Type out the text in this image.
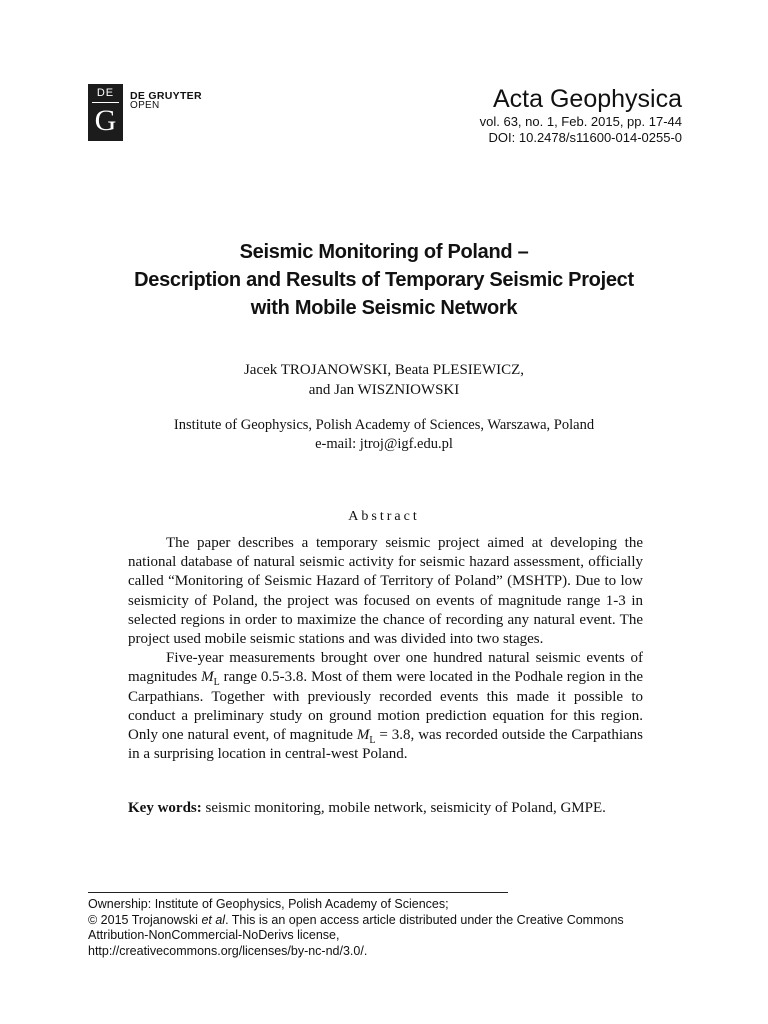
DE
G
DE GRUYTER
OPEN	Acta Geophysica
vol. 63, no. 1, Feb. 2015, pp. 17-44
DOI: 10.2478/s11600-014-0255-0
Seismic Monitoring of Poland –
Description and Results of Temporary Seismic Project
with Mobile Seismic Network
Jacek TROJANOWSKI, Beata PLESIEWICZ,
and Jan WISZNIOWSKI
Institute of Geophysics, Polish Academy of Sciences, Warszawa, Poland
e-mail: jtroj@igf.edu.pl
Abstract

The paper describes a temporary seismic project aimed at developing the national database of natural seismic activity for seismic hazard assessment, officially called “Monitoring of Seismic Hazard of Territory of Poland” (MSHTP). Due to low seismicity of Poland, the project was focused on events of magnitude range 1-3 in selected regions in order to maximize the chance of recording any natural event. The project used mobile seismic stations and was divided into two stages.

Five-year measurements brought over one hundred natural seismic events of magnitudes $M_L$ range 0.5-3.8. Most of them were located in the Podhale region in the Carpathians. Together with previously recorded events this made it possible to conduct a preliminary study on ground motion prediction equation for this region. Only one natural event, of magnitude $M_L = 3.8$, was recorded outside the Carpathians in a surprising location in central-west Poland.

Key words: seismic monitoring, mobile network, seismicity of Poland, GMPE.
Ownership: Institute of Geophysics, Polish Academy of Sciences;
© 2015 Trojanowski et al. This is an open access article distributed under the Creative Commons Attribution-NonCommercial-NoDerivs license,
http://creativecommons.org/licenses/by-nc-nd/3.0/.
